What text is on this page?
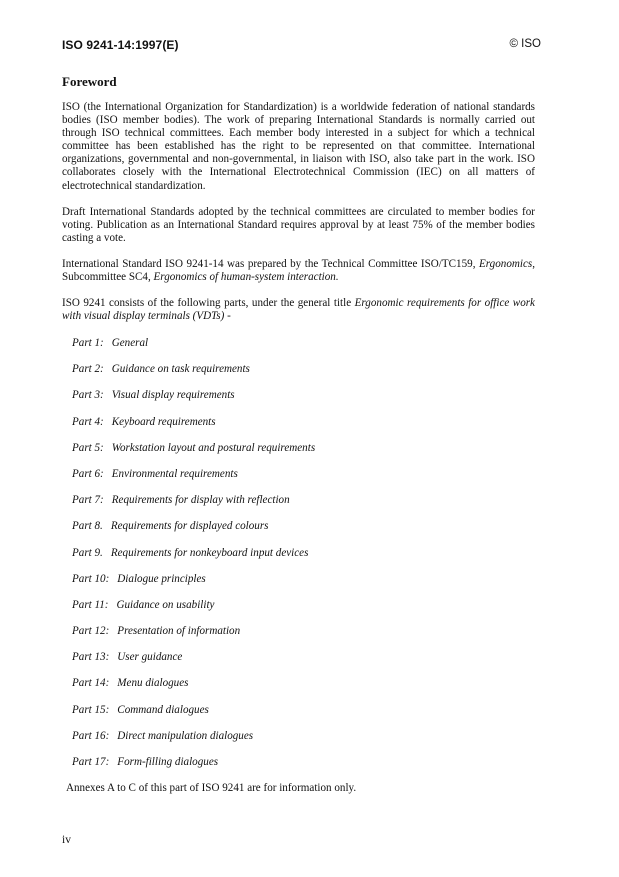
ISO 9241-14:1997(E)	© ISO
Foreword

ISO (the International Organization for Standardization) is a worldwide federation of national standards bodies (ISO member bodies). The work of preparing International Standards is normally carried out through ISO technical committees. Each member body interested in a subject for which a technical committee has been established has the right to be represented on that committee. International organizations, governmental and non-governmental, in liaison with ISO, also take part in the work. ISO collaborates closely with the International Electrotechnical Commission (IEC) on all matters of electrotechnical standardization.

Draft International Standards adopted by the technical committees are circulated to member bodies for voting. Publication as an International Standard requires approval by at least 75% of the member bodies casting a vote.

International Standard ISO 9241-14 was prepared by the Technical Committee ISO/TC159, Ergonomics, Subcommittee SC4, Ergonomics of human-system interaction.

ISO 9241 consists of the following parts, under the general title Ergonomic requirements for office work with visual display terminals (VDTs) -

Part 1: General
Part 2: Guidance on task requirements
Part 3: Visual display requirements
Part 4: Keyboard requirements
Part 5: Workstation layout and postural requirements
Part 6: Environmental requirements
Part 7: Requirements for display with reflection
Part 8. Requirements for displayed colours
Part 9. Requirements for nonkeyboard input devices
Part 10: Dialogue principles
Part 11: Guidance on usability
Part 12: Presentation of information
Part 13: User guidance
Part 14: Menu dialogues
Part 15: Command dialogues
Part 16: Direct manipulation dialogues
Part 17: Form-filling dialogues
Annexes A to C of this part of ISO 9241 are for information only.
iv
